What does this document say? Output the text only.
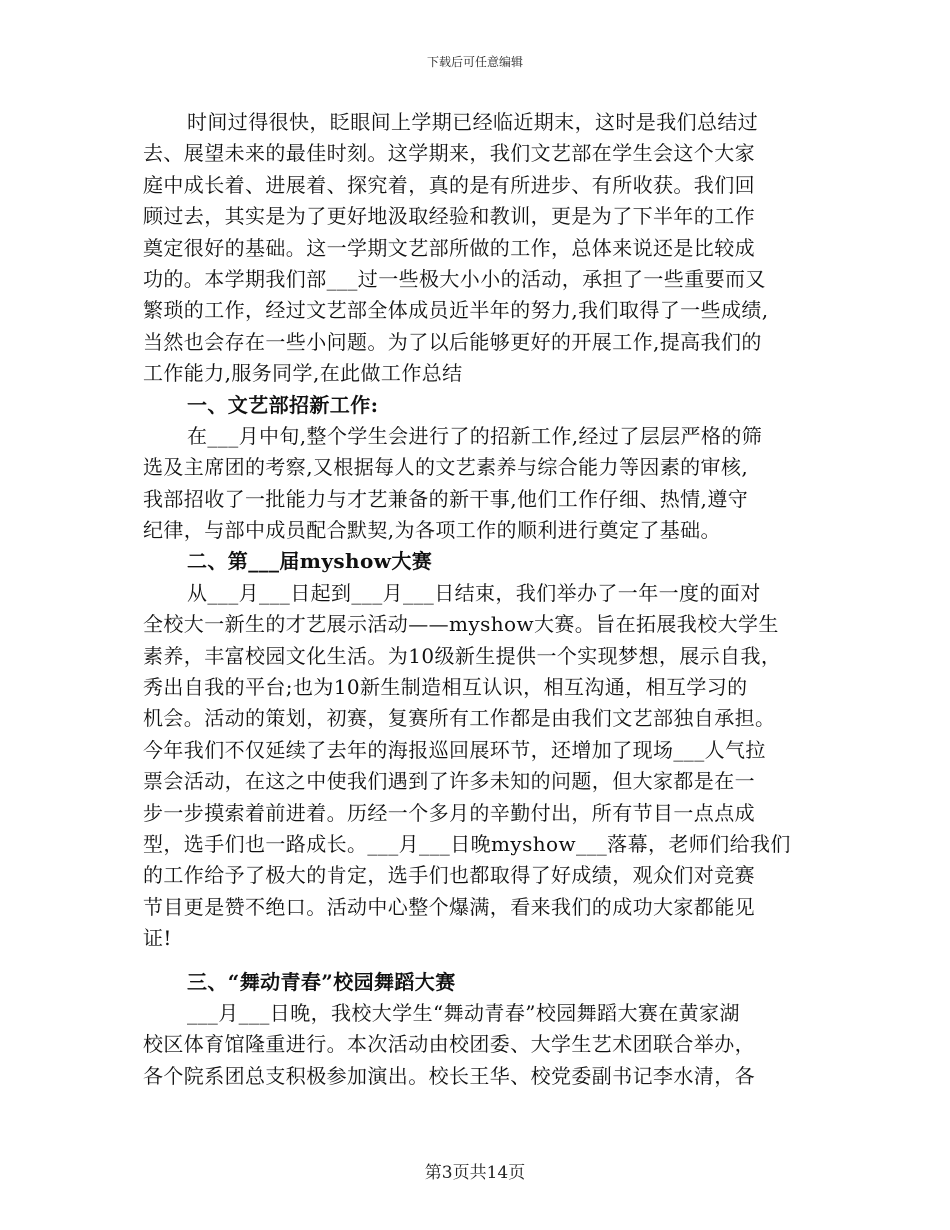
下载后可任意编辑
时间过得很快，眨眼间上学期已经临近期末，这时是我们总结过
去、展望未来的最佳时刻。这学期来，我们文艺部在学生会这个大家
庭中成长着、进展着、探究着，真的是有所进步、有所收获。我们回
顾过去，其实是为了更好地汲取经验和教训，更是为了下半年的工作
奠定很好的基础。这一学期文艺部所做的工作，总体来说还是比较成
功的。本学期我们部___过一些极大小小的活动，承担了一些重要而又
繁琐的工作，经过文艺部全体成员近半年的努力,我们取得了一些成绩,
当然也会存在一些小问题。为了以后能够更好的开展工作,提高我们的
工作能力,服务同学,在此做工作总结
一、文艺部招新工作:
在___月中旬,整个学生会进行了的招新工作,经过了层层严格的筛
选及主席团的考察,又根据每人的文艺素养与综合能力等因素的审核,
我部招收了一批能力与才艺兼备的新干事,他们工作仔细、热情,遵守
纪律，与部中成员配合默契,为各项工作的顺利进行奠定了基础。
二、第___届myshow大赛
从___月___日起到___月___日结束，我们举办了一年一度的面对
全校大一新生的才艺展示活动——myshow大赛。旨在拓展我校大学生
素养，丰富校园文化生活。为10级新生提供一个实现梦想，展示自我，
秀出自我的平台;也为10新生制造相互认识，相互沟通，相互学习的
机会。活动的策划，初赛，复赛所有工作都是由我们文艺部独自承担。
今年我们不仅延续了去年的海报巡回展环节，还增加了现场___人气拉
票会活动，在这之中使我们遇到了许多未知的问题，但大家都是在一
步一步摸索着前进着。历经一个多月的辛勤付出，所有节目一点点成
型，选手们也一路成长。___月___日晚myshow___落幕，老师们给我们
的工作给予了极大的肯定，选手们也都取得了好成绩，观众们对竞赛
节目更是赞不绝口。活动中心整个爆满，看来我们的成功大家都能见
证!
三、“舞动青春”校园舞蹈大赛
___月___日晚，我校大学生“舞动青春”校园舞蹈大赛在黄家湖
校区体育馆隆重进行。本次活动由校团委、大学生艺术团联合举办，
各个院系团总支积极参加演出。校长王华、校党委副书记李水清，各
第3页共14页
